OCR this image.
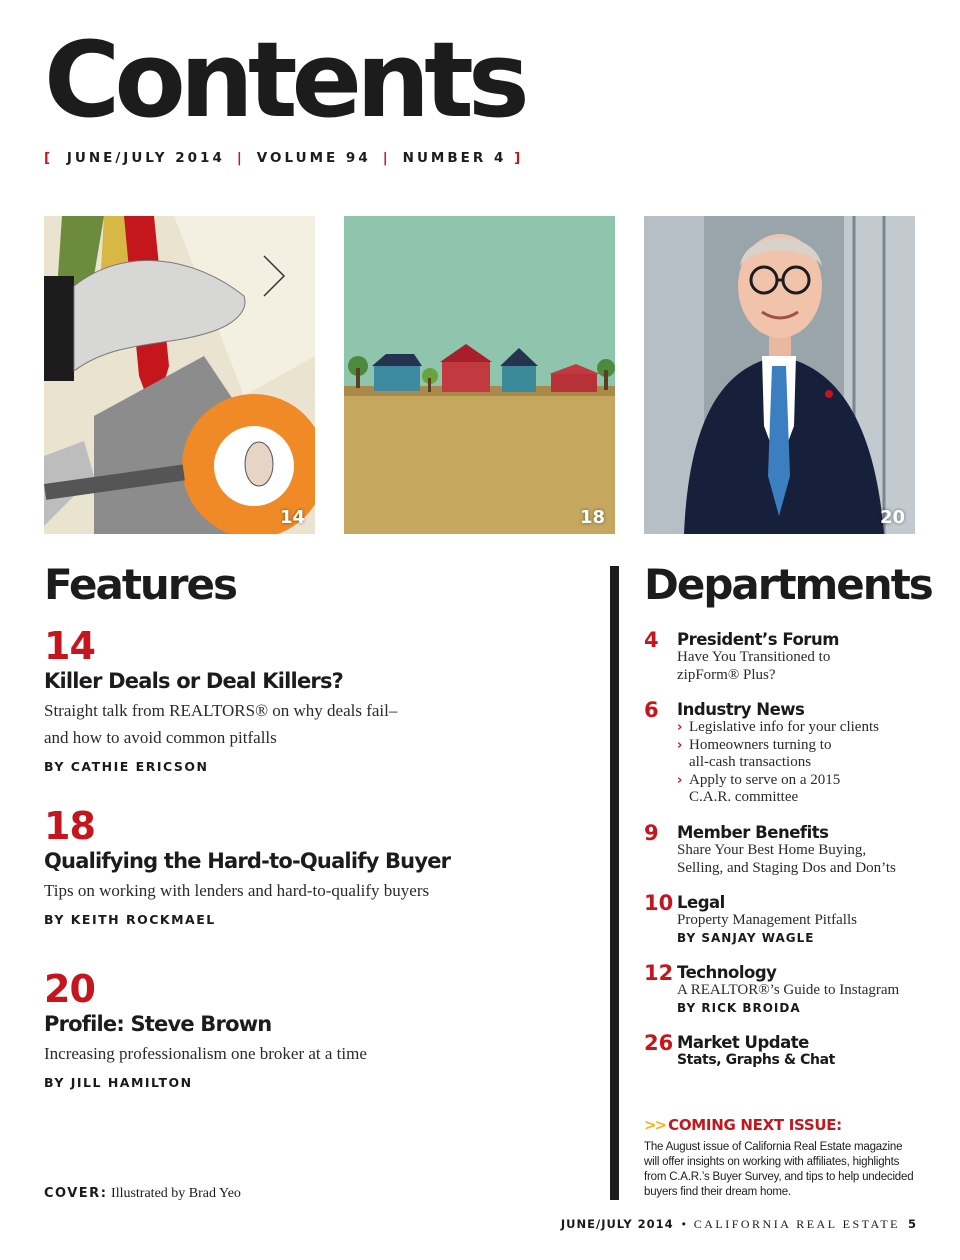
Contents
[ JUNE/JULY 2014 | VOLUME 94 | NUMBER 4 ]
14	18	20
Features
14
Killer Deals or Deal Killers?
Straight talk from REALTORS® on why deals fail–
and how to avoid common pitfalls
BY CATHIE ERICSON
18
Qualifying the Hard-to-Qualify Buyer
Tips on working with lenders and hard-to-qualify buyers
BY KEITH ROCKMAEL
20
Profile: Steve Brown
Increasing professionalism one broker at a time
BY JILL HAMILTON
Departments
4 President’s Forum
Have You Transitioned to
zipForm® Plus?
6 Industry News
› Legislative info for your clients
› Homeowners turning to
all-cash transactions
› Apply to serve on a 2015
C.A.R. committee
9 Member Benefits
Share Your Best Home Buying,
Selling, and Staging Dos and Don’ts
10 Legal
Property Management Pitfalls
BY SANJAY WAGLE
12 Technology
A REALTOR®’s Guide to Instagram
BY RICK BROIDA
26 Market Update
Stats, Graphs & Chat
>> COMING NEXT ISSUE:
The August issue of California Real Estate magazine
will offer insights on working with affiliates, highlights
from C.A.R.’s Buyer Survey, and tips to help undecided
buyers find their dream home.
COVER: Illustrated by Brad Yeo
JUNE/JULY 2014 • CALIFORNIA REAL ESTATE 5
